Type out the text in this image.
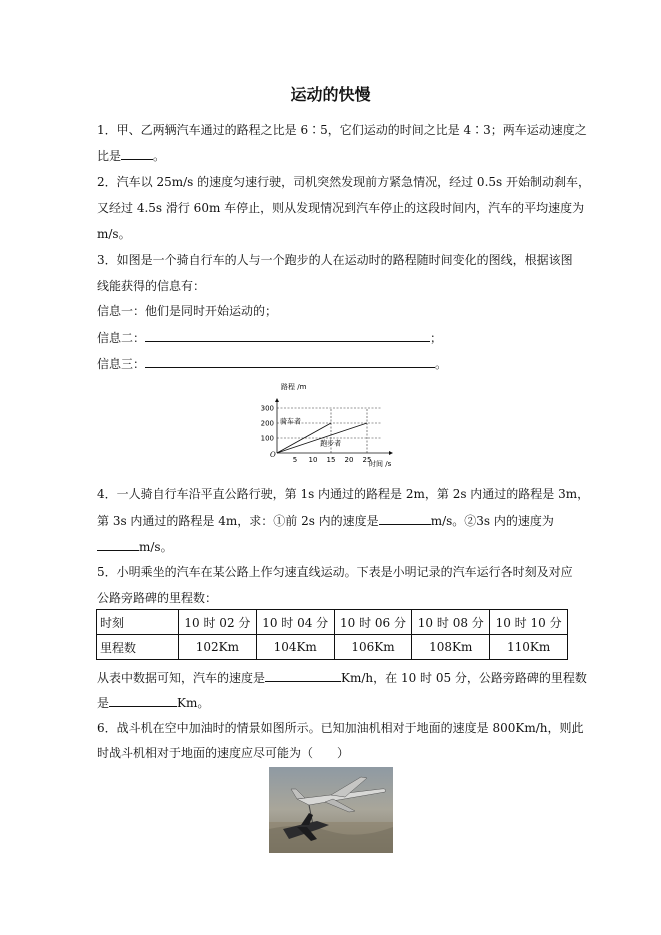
运动的快慢
1．甲、乙两辆汽车通过的路程之比是 6∶5，它们运动的时间之比是 4∶3；两车运动速度之
比是	。
2．汽车以 25m/s 的速度匀速行驶，司机突然发现前方紧急情况，经过 0.5s 开始制动刹车，
又经过 4.5s 滑行 60m 车停止，则从发现情况到汽车停止的这段时间内，汽车的平均速度为
m/s。
3．如图是一个骑自行车的人与一个跑步的人在运动时的路程随时间变化的图线，根据该图
线能获得的信息有：
信息一：他们是同时开始运动的；
信息二：	；
信息三：	。
5 10 15 20 25
100
200
300
O
路程 /m
时间 /s
骑车者
跑步者
4．一人骑自行车沿平直公路行驶，第 1s 内通过的路程是 2m，第 2s 内通过的路程是 3m，
第 3s 内通过的路程是 4m，求：①前 2s 内的速度是	m/s。②3s 内的速度为
m/s。
5．小明乘坐的汽车在某公路上作匀速直线运动。下表是小明记录的汽车运行各时刻及对应
公路旁路碑的里程数：
时刻	10 时 02 分	10 时 04 分	10 时 06 分	10 时 08 分	10 时 10 分
里程数	102Km	104Km	106Km	108Km	110Km
从表中数据可知，汽车的速度是	Km/h，在 10 时 05 分，公路旁路碑的里程数
是	Km。
6．战斗机在空中加油时的情景如图所示。已知加油机相对于地面的速度是 800Km/h，则此
时战斗机相对于地面的速度应尽可能为（　　）
